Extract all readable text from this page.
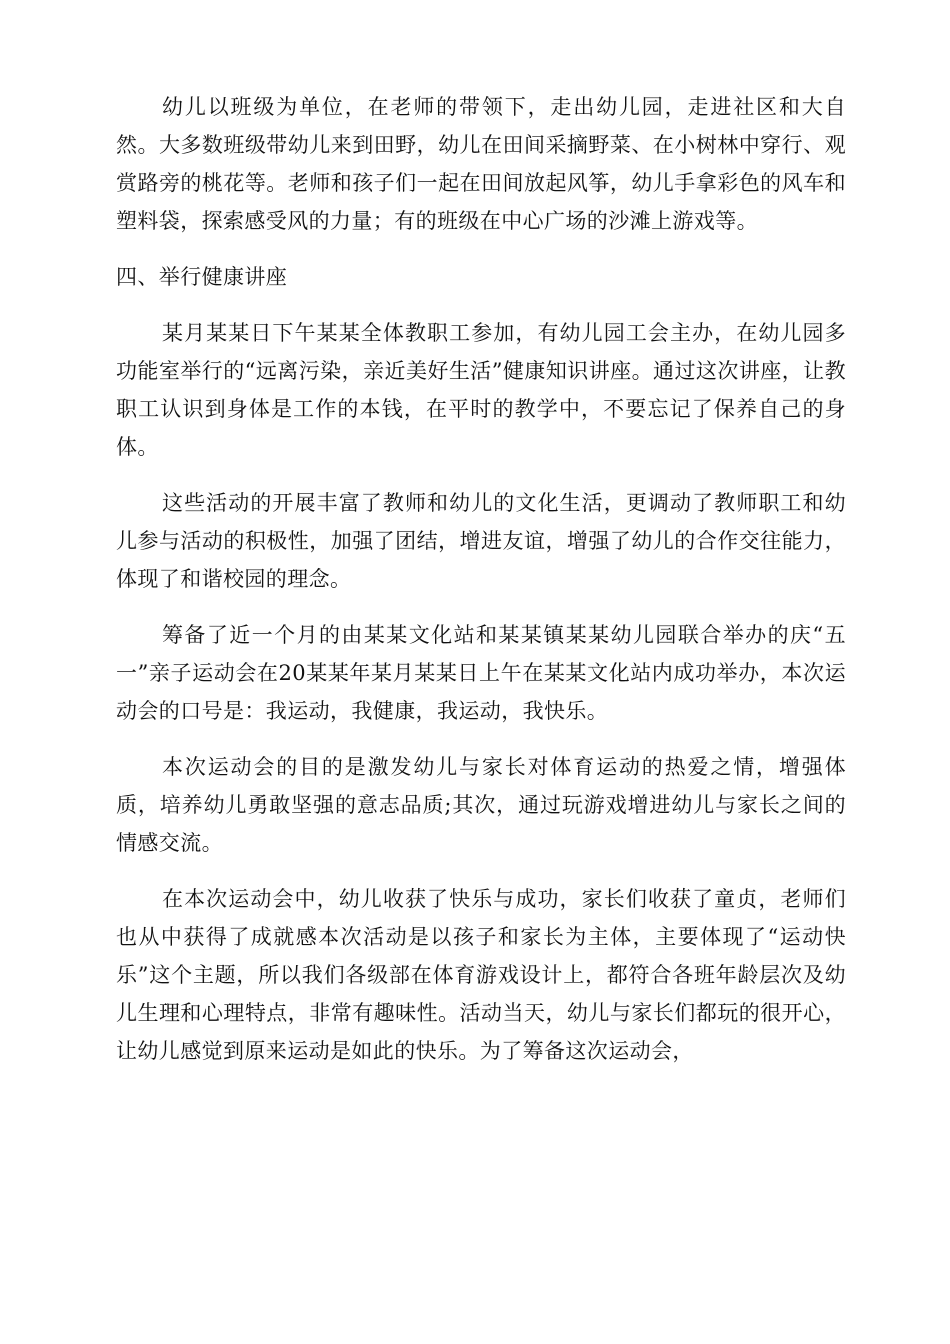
幼儿以班级为单位，在老师的带领下，走出幼儿园，走进社区和大自然。大多数班级带幼儿来到田野，幼儿在田间采摘野菜、在小树林中穿行、观赏路旁的桃花等。老师和孩子们一起在田间放起风筝，幼儿手拿彩色的风车和塑料袋，探索感受风的力量；有的班级在中心广场的沙滩上游戏等。

四、举行健康讲座

某月某某日下午某某全体教职工参加，有幼儿园工会主办，在幼儿园多功能室举行的“远离污染，亲近美好生活”健康知识讲座。通过这次讲座，让教职工认识到身体是工作的本钱，在平时的教学中，不要忘记了保养自己的身体。

这些活动的开展丰富了教师和幼儿的文化生活，更调动了教师职工和幼儿参与活动的积极性，加强了团结，增进友谊，增强了幼儿的合作交往能力，体现了和谐校园的理念。

筹备了近一个月的由某某文化站和某某镇某某幼儿园联合举办的庆“五一”亲子运动会在20某某年某月某某日上午在某某文化站内成功举办，本次运动会的口号是：我运动，我健康，我运动，我快乐。

本次运动会的目的是激发幼儿与家长对体育运动的热爱之情，增强体质，培养幼儿勇敢坚强的意志品质;其次，通过玩游戏增进幼儿与家长之间的情感交流。

在本次运动会中，幼儿收获了快乐与成功，家长们收获了童贞，老师们也从中获得了成就感本次活动是以孩子和家长为主体，主要体现了“运动快乐”这个主题，所以我们各级部在体育游戏设计上，都符合各班年龄层次及幼儿生理和心理特点，非常有趣味性。活动当天，幼儿与家长们都玩的很开心，让幼儿感觉到原来运动是如此的快乐。为了筹备这次运动会，
